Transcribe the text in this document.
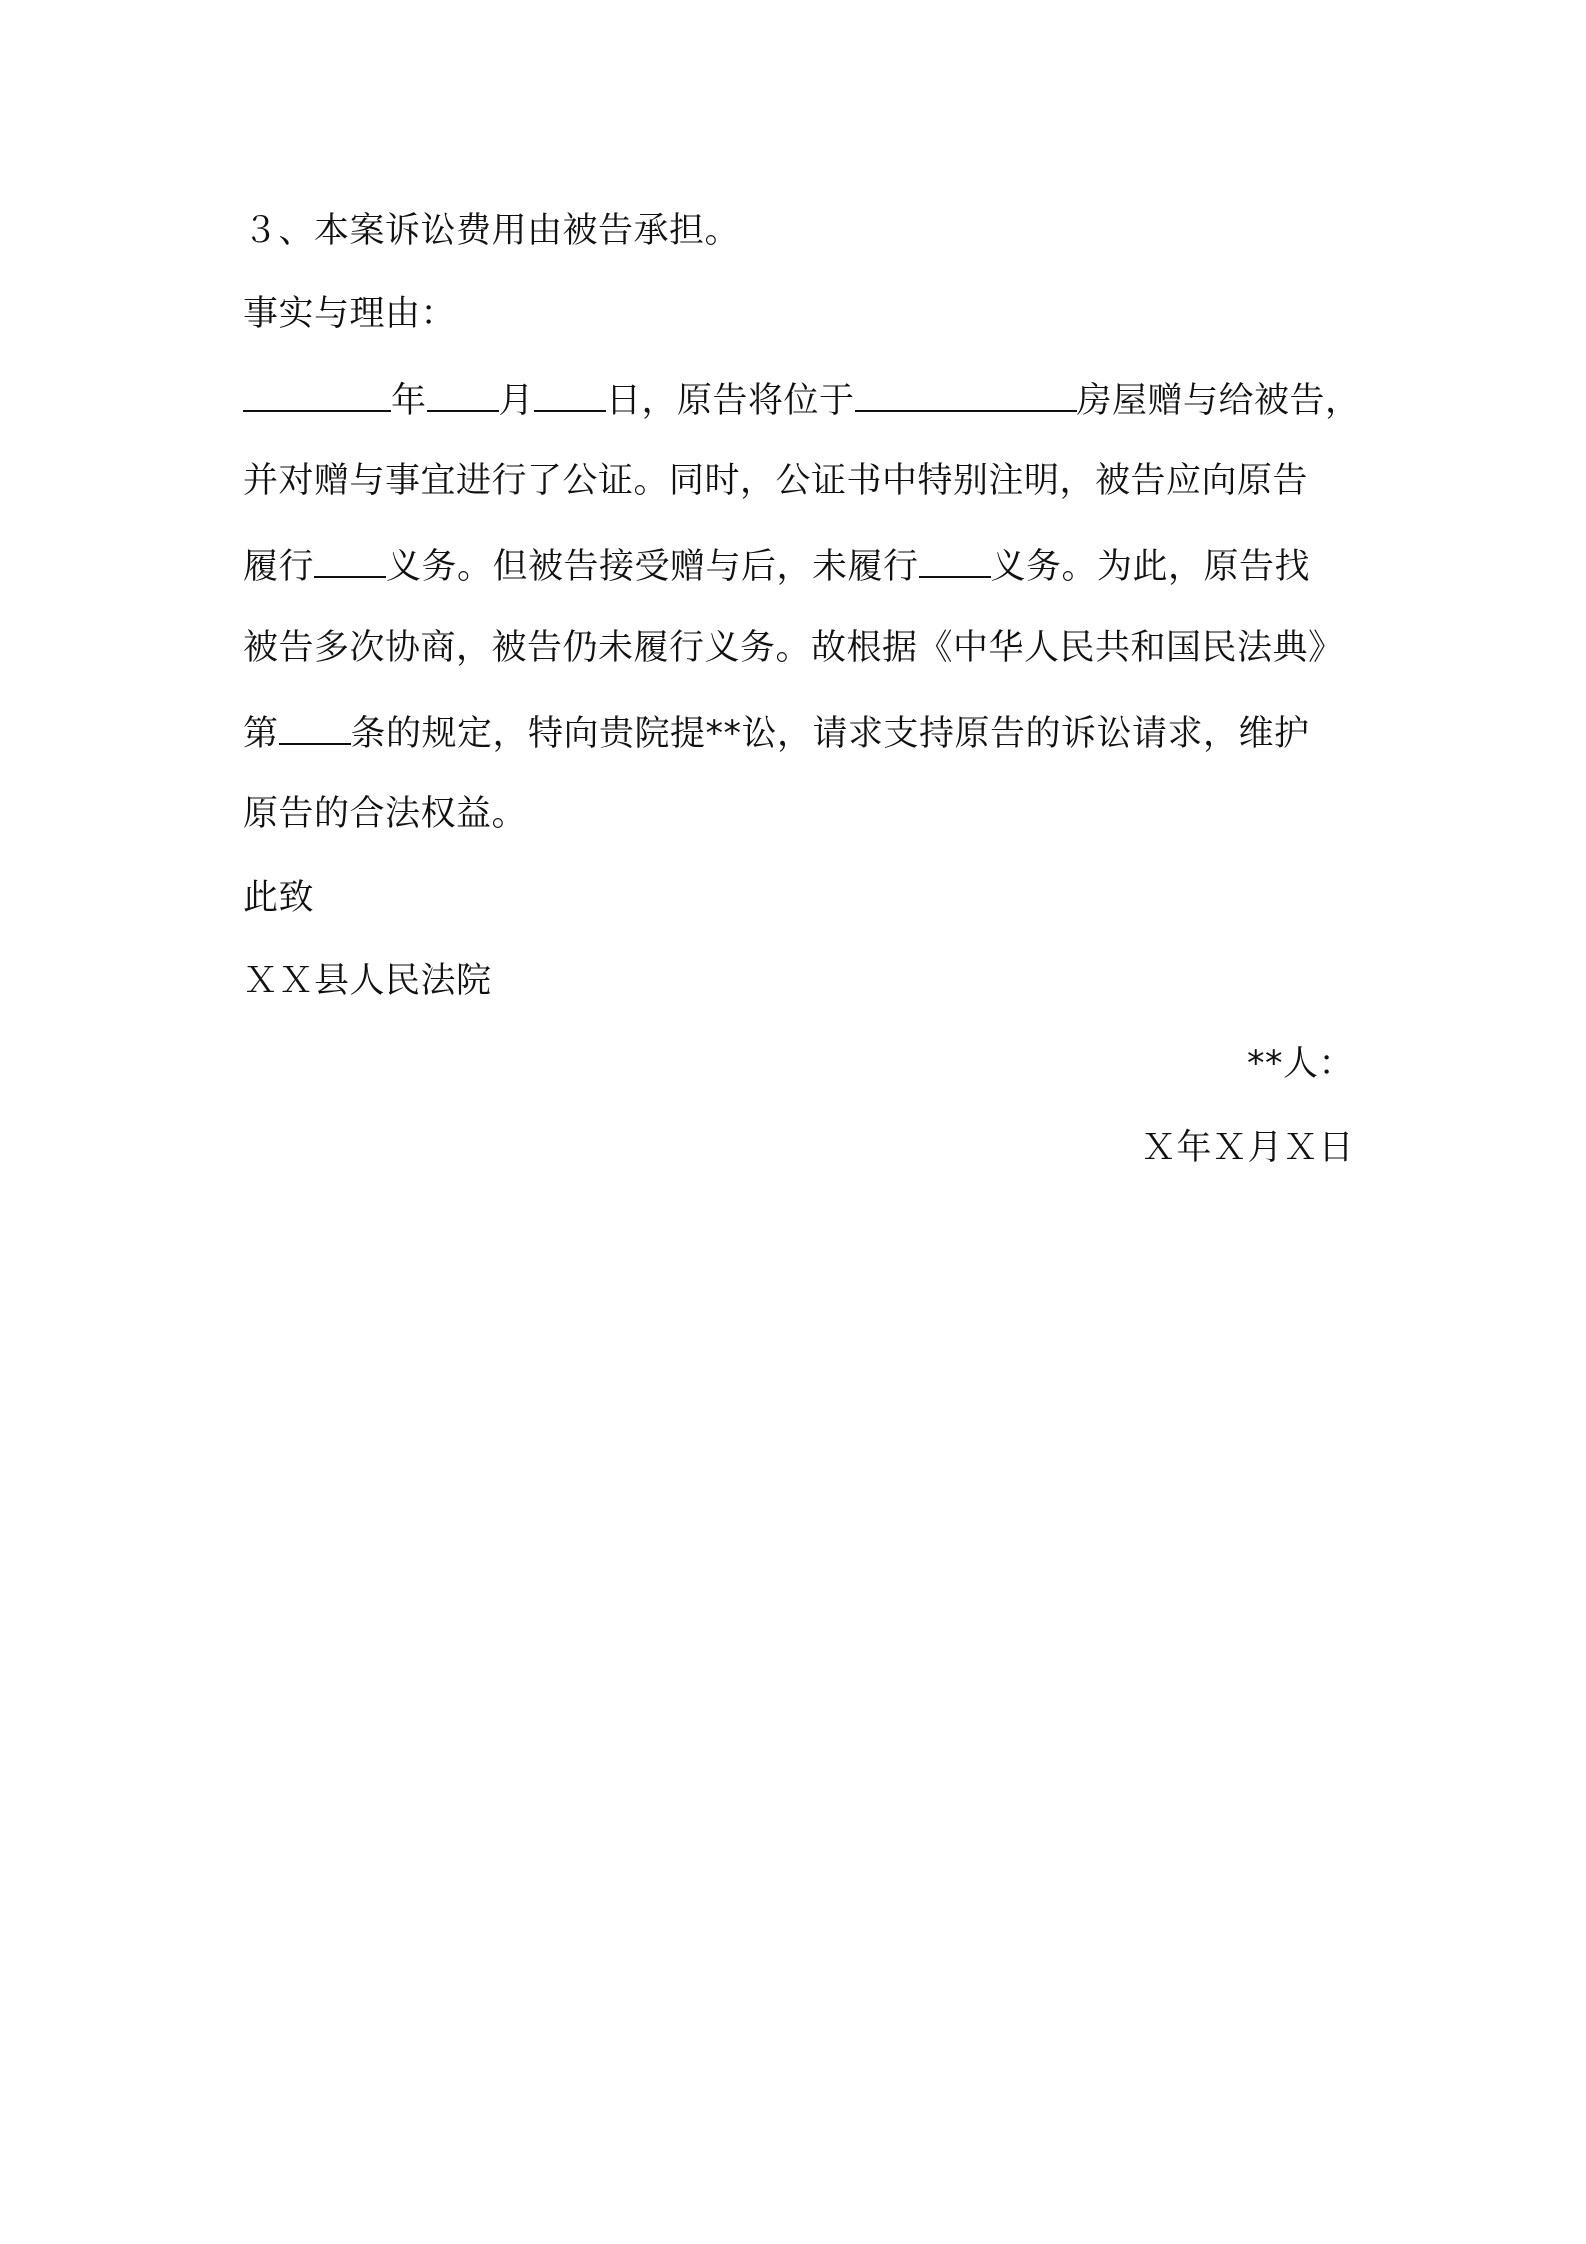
３、本案诉讼费用由被告承担。
事实与理由：
年 月 日，原告将位于	房屋赠与给被告，
并对赠与事宜进行了公证。同时，公证书中特别注明，被告应向原告
履行 义务。但被告接受赠与后，未履行 义务。为此，原告找
被告多次协商，被告仍未履行义务。故根据《中华人民共和国民法典》
第 条的规定，特向贵院提**讼，请求支持原告的诉讼请求，维护
原告的合法权益。
此致
ＸＸ县人民法院
**人：
Ｘ年Ｘ月Ｘ日
